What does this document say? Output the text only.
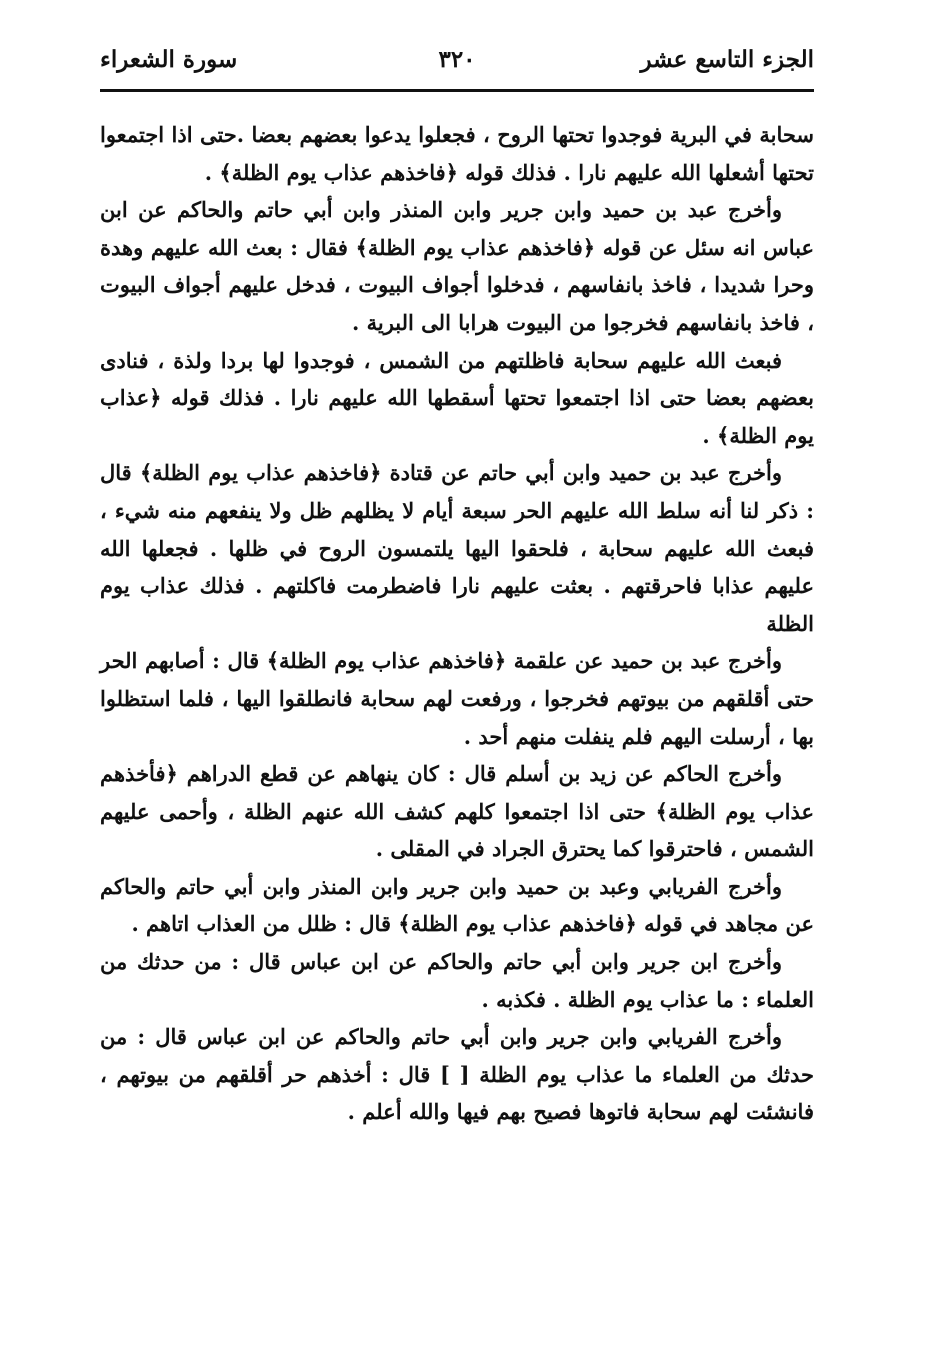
الجزء التاسع عشر
٣٢٠
سورة الشعراء

سحابة في البرية فوجدوا تحتها الروح ، فجعلوا يدعوا بعضهم بعضا .حتى اذا اجتمعوا تحتها أشعلها الله عليهم نارا . فذلك قوله ﴿فاخذهم عذاب يوم الظلة﴾ .

وأخرج عبد بن حميد وابن جرير وابن المنذر وابن أبي حاتم والحاكم عن ابن عباس انه سئل عن قوله ﴿فاخذهم عذاب يوم الظلة﴾ فقال : بعث الله عليهم وهدة وحرا شديدا ، فاخذ بانفاسهم ، فدخلوا أجواف البيوت ، فدخل عليهم أجواف البيوت ، فاخذ بانفاسهم فخرجوا من البيوت هرابا الى البرية .

فبعث الله عليهم سحابة فاظلتهم من الشمس ، فوجدوا لها بردا ولذة ، فنادى بعضهم بعضا حتى اذا اجتمعوا تحتها أسقطها الله عليهم نارا . فذلك قوله ﴿عذاب يوم الظلة﴾ .

وأخرج عبد بن حميد وابن أبي حاتم عن قتادة ﴿فاخذهم عذاب يوم الظلة﴾ قال : ذكر لنا أنه سلط الله عليهم الحر سبعة أيام لا يظلهم ظل ولا ينفعهم منه شيء ، فبعث الله عليهم سحابة ، فلحقوا اليها يلتمسون الروح في ظلها . فجعلها الله عليهم عذابا فاحرقتهم . بعثت عليهم نارا فاضطرمت فاكلتهم . فذلك عذاب يوم الظلة

وأخرج عبد بن حميد عن علقمة ﴿فاخذهم عذاب يوم الظلة﴾ قال : أصابهم الحر حتى أقلقهم من بيوتهم فخرجوا ، ورفعت لهم سحابة فانطلقوا اليها ، فلما استظلوا بها ، أرسلت اليهم فلم ينفلت منهم أحد .

وأخرج الحاكم عن زيد بن أسلم قال : كان ينهاهم عن قطع الدراهم ﴿فأخذهم عذاب يوم الظلة﴾ حتى اذا اجتمعوا كلهم كشف الله عنهم الظلة ، وأحمى عليهم الشمس ، فاحترقوا كما يحترق الجراد في المقلى .

وأخرج الفريابي وعبد بن حميد وابن جرير وابن المنذر وابن أبي حاتم والحاكم عن مجاهد في قوله ﴿فاخذهم عذاب يوم الظلة﴾ قال : ظلل من العذاب اتاهم .

وأخرج ابن جرير وابن أبي حاتم والحاكم عن ابن عباس قال : من حدثك من العلماء : ما عذاب يوم الظلة . فكذبه .

وأخرج الفريابي وابن جرير وابن أبي حاتم والحاكم عن ابن عباس قال : من حدثك من العلماء ما عذاب يوم الظلة [ ] قال : أخذهم حر أقلقهم من بيوتهم ، فانشئت لهم سحابة فاتوها فصيح بهم فيها والله أعلم .
